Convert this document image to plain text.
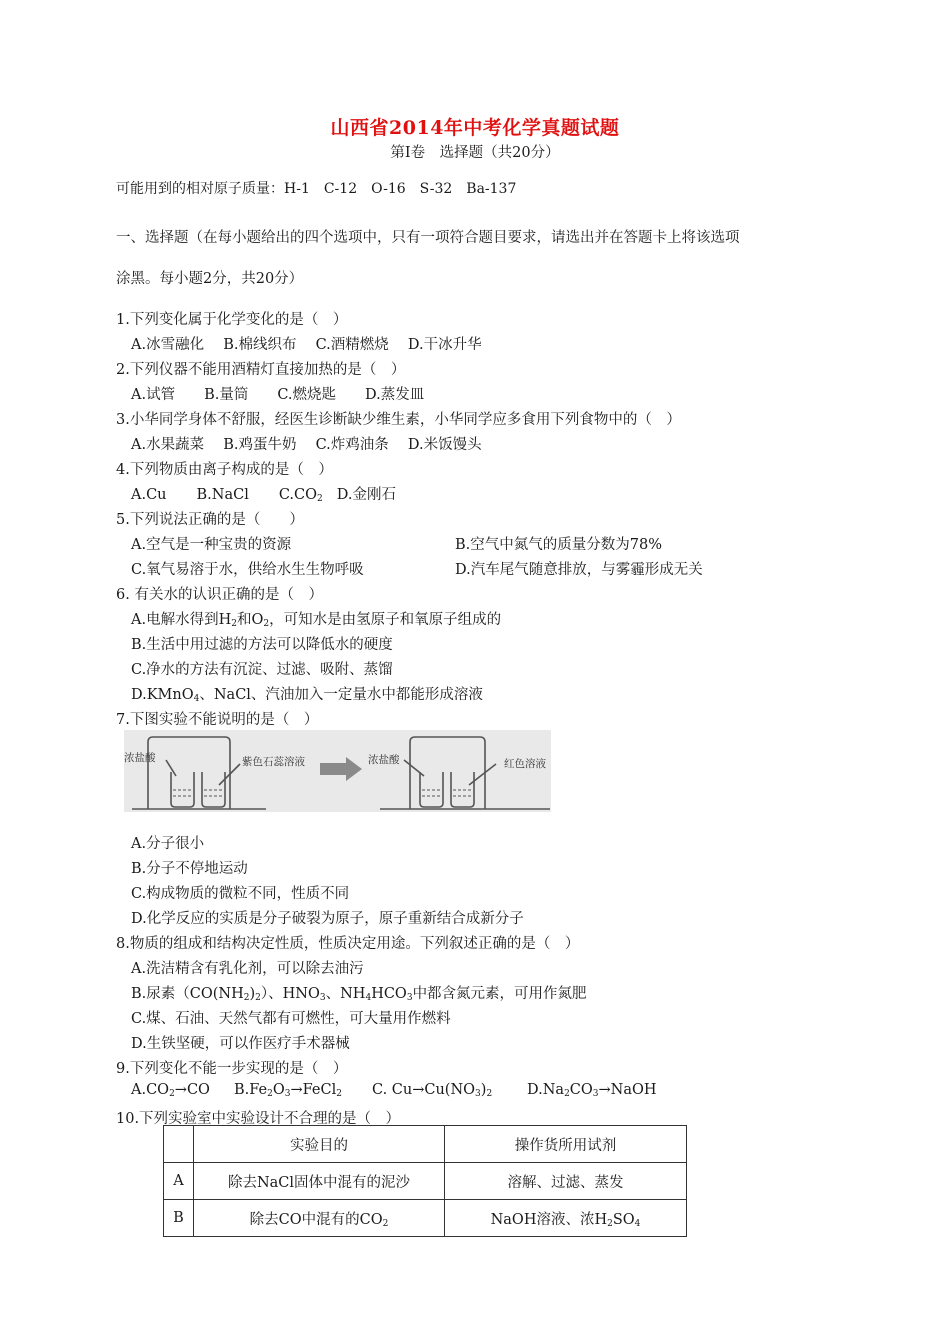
山西省2014年中考化学真题试题
第Ⅰ卷　选择题（共20分）
可能用到的相对原子质量：H-1　C-12　O-16　S-32　Ba-137
一、选择题（在每小题给出的四个选项中，只有一项符合题目要求，请选出并在答题卡上将该选项
涂黑。每小题2分，共20分）
1.下列变化属于化学变化的是（　）
A.冰雪融化　 B.棉线织布　 C.酒精燃烧　 D.干冰升华
2.下列仪器不能用酒精灯直接加热的是（　）
A.试管　　B.量筒　　C.燃烧匙　　D.蒸发皿
3.小华同学身体不舒服，经医生诊断缺少维生素，小华同学应多食用下列食物中的（　）
A.水果蔬菜　 B.鸡蛋牛奶　 C.炸鸡油条　 D.米饭馒头
4.下列物质由离子构成的是（　）
A.Cu B.NaCl $C.CO_2$ D.金刚石
5.下列说法正确的是（　　）
A.空气是一种宝贵的资源	B.空气中氮气的质量分数为78%
C.氧气易溶于水，供给水生生物呼吸	D.汽车尾气随意排放，与雾霾形成无关
6. 有关水的认识正确的是（　）
A.电解水得到$H_2$和$O_2$，可知水是由氢原子和氧原子组成的
B.生活中用过滤的方法可以降低水的硬度
C.净水的方法有沉淀、过滤、吸附、蒸馏
D.KMnO$_4$、NaCl、汽油加入一定量水中都能形成溶液
7.下图实验不能说明的是（　）
浓盐酸	紫色石蕊溶液	浓盐酸	红色溶液
A.分子很小
B.分子不停地运动
C.构成物质的微粒不同，性质不同
D.化学反应的实质是分子破裂为原子，原子重新结合成新分子
8.物质的组成和结构决定性质，性质决定用途。下列叙述正确的是（　）
A.洗洁精含有乳化剂，可以除去油污
B.尿素$(CO(NH_2)_2)$、$HNO_3$、$NH_4HCO_3$中都含氮元素，可用作氮肥
C.煤、石油、天然气都有可燃性，可大量用作燃料
D.生铁坚硬，可以作医疗手术器械
9.下列变化不能一步实现的是（　）
$A.CO_2\to CO$ $B.Fe_2O_3\to FeCl_2$ C. $Cu\to Cu(NO_3)_2$ $D.Na_2CO_3\to NaOH$
10.下列实验室中实验设计不合理的是（　）
	实验目的	操作货所用试剂
A	除去NaCl固体中混有的泥沙	溶解、过滤、蒸发
B	除去CO中混有的$CO_2$	NaOH溶液、浓$H_2SO_4$
